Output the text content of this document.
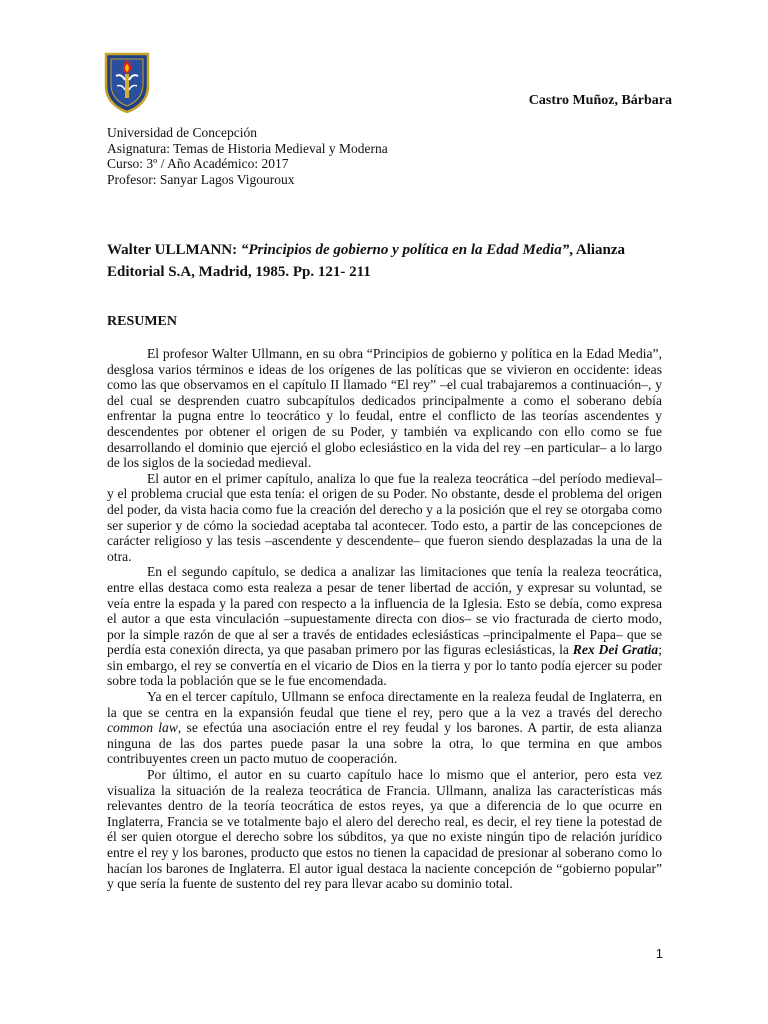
Castro Muñoz, Bárbara
Universidad de Concepción
Asignatura: Temas de Historia Medieval y Moderna
Curso: 3º / Año Académico: 2017
Profesor: Sanyar Lagos Vigouroux
Walter ULLMANN: “Principios de gobierno y política en la Edad Media”, Alianza Editorial S.A, Madrid, 1985. Pp. 121- 211
RESUMEN

El profesor Walter Ullmann, en su obra “Principios de gobierno y política en la Edad Media”, desglosa varios términos e ideas de los orígenes de las políticas que se vivieron en occidente: ideas como las que observamos en el capítulo II llamado “El rey” –el cual trabajaremos a continuación–, y del cual se desprenden cuatro subcapítulos dedicados principalmente a como el soberano debía enfrentar la pugna entre lo teocrático y lo feudal, entre el conflicto de las teorías ascendentes y descendentes por obtener el origen de su Poder, y también va explicando con ello como se fue desarrollando el dominio que ejerció el globo eclesiástico en la vida del rey –en particular– a lo largo de los siglos de la sociedad medieval.

El autor en el primer capítulo, analiza lo que fue la realeza teocrática –del período medieval– y el problema crucial que esta tenía: el origen de su Poder. No obstante, desde el problema del origen del poder, da vista hacia como fue la creación del derecho y a la posición que el rey se otorgaba como ser superior y de cómo la sociedad aceptaba tal acontecer. Todo esto, a partir de las concepciones de carácter religioso y las tesis –ascendente y descendente– que fueron siendo desplazadas la una de la otra.

En el segundo capítulo, se dedica a analizar las limitaciones que tenía la realeza teocrática, entre ellas destaca como esta realeza a pesar de tener libertad de acción, y expresar su voluntad, se veía entre la espada y la pared con respecto a la influencia de la Iglesia. Esto se debía, como expresa el autor a que esta vinculación –supuestamente directa con dios– se vio fracturada de cierto modo, por la simple razón de que al ser a través de entidades eclesiásticas –principalmente el Papa– que se perdía esta conexión directa, ya que pasaban primero por las figuras eclesiásticas, la Rex Dei Gratia; sin embargo, el rey se convertía en el vicario de Dios en la tierra y por lo tanto podía ejercer su poder sobre toda la población que se le fue encomendada.

Ya en el tercer capítulo, Ullmann se enfoca directamente en la realeza feudal de Inglaterra, en la que se centra en la expansión feudal que tiene el rey, pero que a la vez a través del derecho common law, se efectúa una asociación entre el rey feudal y los barones. A partir, de esta alianza ninguna de las dos partes puede pasar la una sobre la otra, lo que termina en que ambos contribuyentes creen un pacto mutuo de cooperación.

Por último, el autor en su cuarto capítulo hace lo mismo que el anterior, pero esta vez visualiza la situación de la realeza teocrática de Francia. Ullmann, analiza las características más relevantes dentro de la teoría teocrática de estos reyes, ya que a diferencia de lo que ocurre en Inglaterra, Francia se ve totalmente bajo el alero del derecho real, es decir, el rey tiene la potestad de él ser quien otorgue el derecho sobre los súbditos, ya que no existe ningún tipo de relación jurídico entre el rey y los barones, producto que estos no tienen la capacidad de presionar al soberano como lo hacían los barones de Inglaterra. El autor igual destaca la naciente concepción de “gobierno popular” y que sería la fuente de sustento del rey para llevar acabo su dominio total.

1
